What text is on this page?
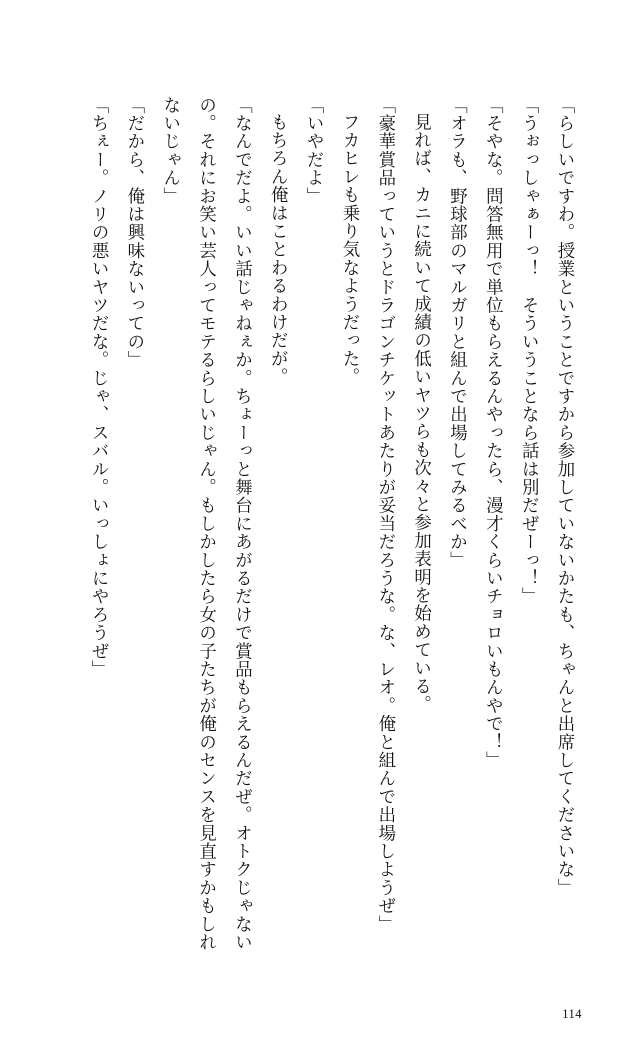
「らしいですわ。授業ということですから参加していないかたも、ちゃんと出席してくださいな」

「うぉっしゃぁーっ！　そういうことなら話は別だぜーっ！」

「そやな。問答無用で単位もらえるんやったら、漫才くらいチョロいもんやで！」

「オラも、野球部のマルガリと組んで出場してみるべか」

見れば、カニに続いて成績の低いヤツらも次々と参加表明を始めている。

「豪華賞品っていうとドラゴンチケットあたりが妥当だろうな。な、レオ。俺と組んで出場しようぜ」

フカヒレも乗り気なようだった。

「いやだよ」

もちろん俺はことわるわけだが。

「なんでだよ。いい話じゃねぇか。ちょーっと舞台にあがるだけで賞品もらえるんだぜ。オトクじゃないの。それにお笑い芸人ってモテるらしいじゃん。もしかしたら女の子たちが俺のセンスを見直すかもしれないじゃん」

「だから、俺は興味ないっての」

「ちぇー。ノリの悪いヤツだな。じゃ、スバル。いっしょにやろうぜ」

114
